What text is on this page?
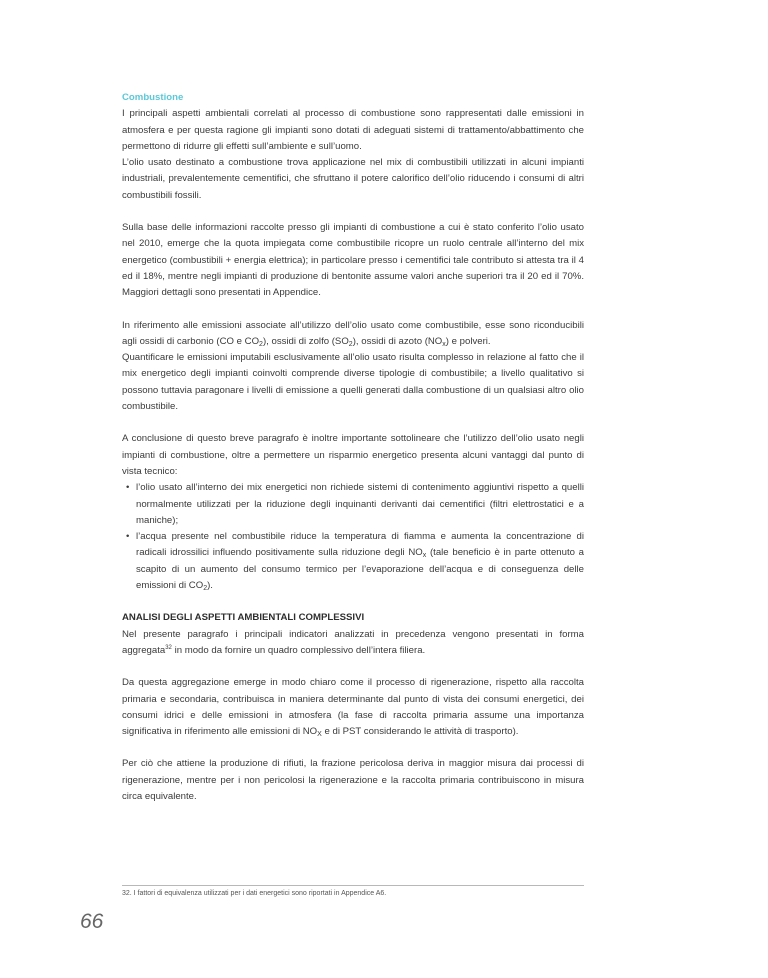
Combustione

I principali aspetti ambientali correlati al processo di combustione sono rappresentati dalle emissioni in atmosfera e per questa ragione gli impianti sono dotati di adeguati sistemi di trattamento/abbattimento che permettono di ridurre gli effetti sull’ambiente e sull’uomo.

L’olio usato destinato a combustione trova applicazione nel mix di combustibili utilizzati in alcuni impianti industriali, prevalentemente cementifici, che sfruttano il potere calorifico dell’olio riducendo i consumi di altri combustibili fossili.

Sulla base delle informazioni raccolte presso gli impianti di combustione a cui è stato conferito l’olio usato nel 2010, emerge che la quota impiegata come combustibile ricopre un ruolo centrale all’interno del mix energetico (combustibili + energia elettrica); in particolare presso i cementifici tale contributo si attesta tra il 4 ed il 18%, mentre negli impianti di produzione di bentonite assume valori anche superiori tra il 20 ed il 70%. Maggiori dettagli sono presentati in Appendice.

In riferimento alle emissioni associate all’utilizzo dell’olio usato come combustibile, esse sono riconducibili agli ossidi di carbonio (CO e $CO_2$), ossidi di zolfo $(SO_2)$, ossidi di azoto $(NO_x)$ e polveri.

Quantificare le emissioni imputabili esclusivamente all’olio usato risulta complesso in relazione al fatto che il mix energetico degli impianti coinvolti comprende diverse tipologie di combustibile; a livello qualitativo si possono tuttavia paragonare i livelli di emissione a quelli generati dalla combustione di un qualsiasi altro olio combustibile.

A conclusione di questo breve paragrafo è inoltre importante sottolineare che l’utilizzo dell’olio usato negli impianti di combustione, oltre a permettere un risparmio energetico presenta alcuni vantaggi dal punto di vista tecnico:

• l’olio usato all’interno dei mix energetici non richiede sistemi di contenimento aggiuntivi rispetto a quelli normalmente utilizzati per la riduzione degli inquinanti derivanti dai cementifici (filtri elettrostatici e a maniche);
• l’acqua presente nel combustibile riduce la temperatura di fiamma e aumenta la concentrazione di radicali idrossilici influendo positivamente sulla riduzione degli $NO_x$ (tale beneficio è in parte ottenuto a scapito di un aumento del consumo termico per l’evaporazione dell’acqua e di conseguenza delle emissioni di $CO_2$).
ANALISI DEGLI ASPETTI AMBIENTALI COMPLESSIVI

Nel presente paragrafo i principali indicatori analizzati in precedenza vengono presentati in forma aggregata$^{32}$ in modo da fornire un quadro complessivo dell’intera filiera.

Da questa aggregazione emerge in modo chiaro come il processo di rigenerazione, rispetto alla raccolta primaria e secondaria, contribuisca in maniera determinante dal punto di vista dei consumi energetici, dei consumi idrici e delle emissioni in atmosfera (la fase di raccolta primaria assume una importanza significativa in riferimento alle emissioni di $NO_X$ e di PST considerando le attività di trasporto).

Per ciò che attiene la produzione di rifiuti, la frazione pericolosa deriva in maggior misura dai processi di rigenerazione, mentre per i non pericolosi la rigenerazione e la raccolta primaria contribuiscono in misura circa equivalente.

32. I fattori di equivalenza utilizzati per i dati energetici sono riportati in Appendice A6.
66
